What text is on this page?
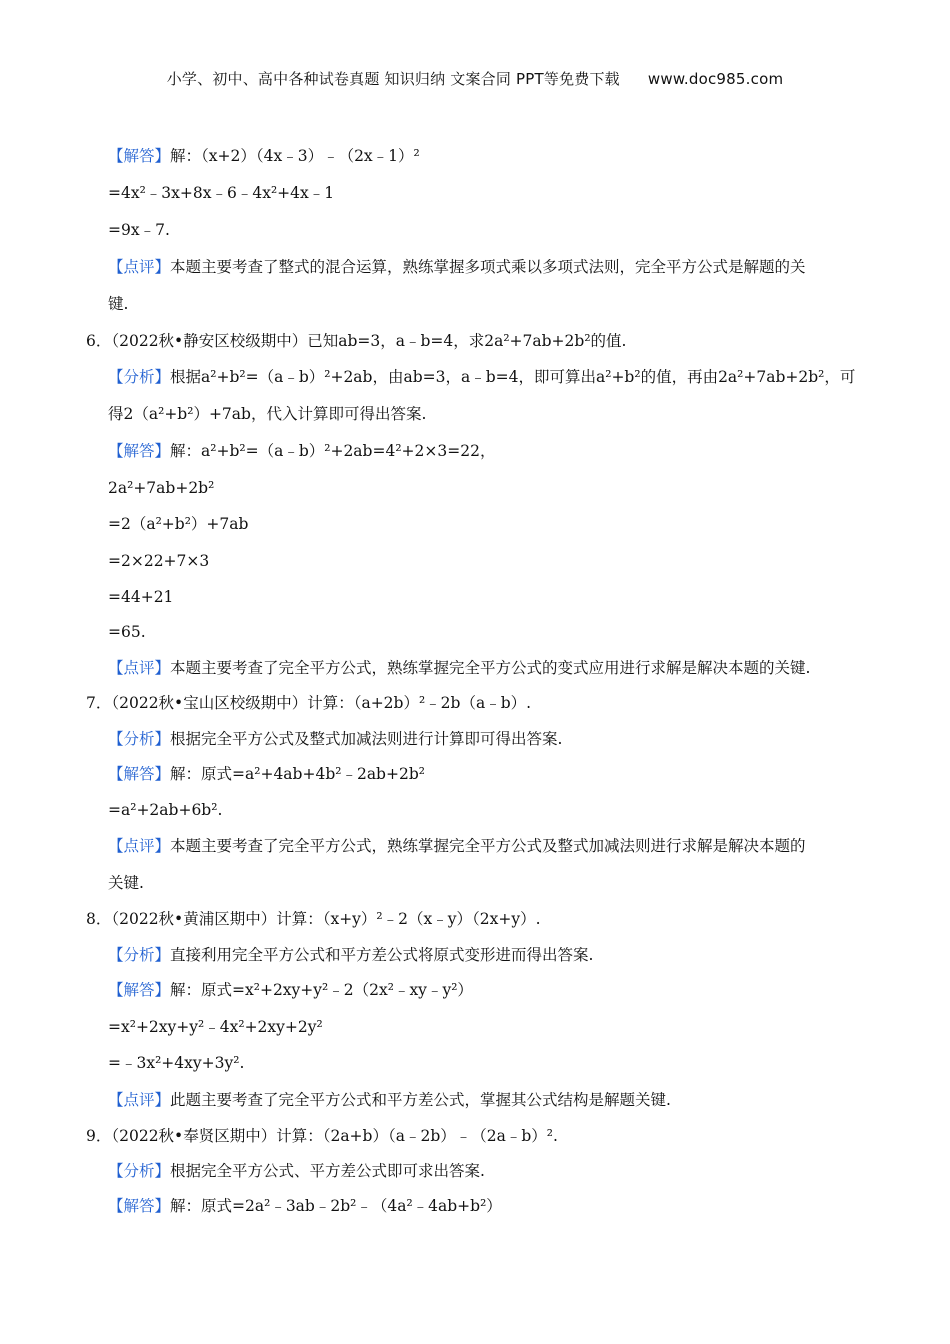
小学、初中、高中各种试卷真题 知识归纳 文案合同 PPT等免费下载 www.doc985.com
【解答】解：（x+2）（4x﹣3）﹣（2x﹣1）²
=4x²﹣3x+8x﹣6﹣4x²+4x﹣1
=9x﹣7.
【点评】本题主要考查了整式的混合运算，熟练掌握多项式乘以多项式法则，完全平方公式是解题的关
键.
6．（2022秋•静安区校级期中）已知ab=3，a﹣b=4，求2a²+7ab+2b²的值.
【分析】根据a²+b²=（a﹣b）²+2ab，由ab=3，a﹣b=4，即可算出a²+b²的值，再由2a²+7ab+2b²，可
得2（a²+b²）+7ab，代入计算即可得出答案.
【解答】解：a²+b²=（a﹣b）²+2ab=4²+2×3=22，
2a²+7ab+2b²
=2（a²+b²）+7ab
=2×22+7×3
=44+21
=65.
【点评】本题主要考查了完全平方公式，熟练掌握完全平方公式的变式应用进行求解是解决本题的关键.
7．（2022秋•宝山区校级期中）计算：（a+2b）²﹣2b（a﹣b）.
【分析】根据完全平方公式及整式加减法则进行计算即可得出答案.
【解答】解：原式=a²+4ab+4b²﹣2ab+2b²
=a²+2ab+6b².
【点评】本题主要考查了完全平方公式，熟练掌握完全平方公式及整式加减法则进行求解是解决本题的
关键.
8．（2022秋•黄浦区期中）计算：（x+y）²﹣2（x﹣y）（2x+y）.
【分析】直接利用完全平方公式和平方差公式将原式变形进而得出答案.
【解答】解：原式=x²+2xy+y²﹣2（2x²﹣xy﹣y²）
=x²+2xy+y²﹣4x²+2xy+2y²
=﹣3x²+4xy+3y².
【点评】此题主要考查了完全平方公式和平方差公式，掌握其公式结构是解题关键.
9．（2022秋•奉贤区期中）计算：（2a+b）（a﹣2b）﹣（2a﹣b）².
【分析】根据完全平方公式、平方差公式即可求出答案.
【解答】解：原式=2a²﹣3ab﹣2b²﹣（4a²﹣4ab+b²）
